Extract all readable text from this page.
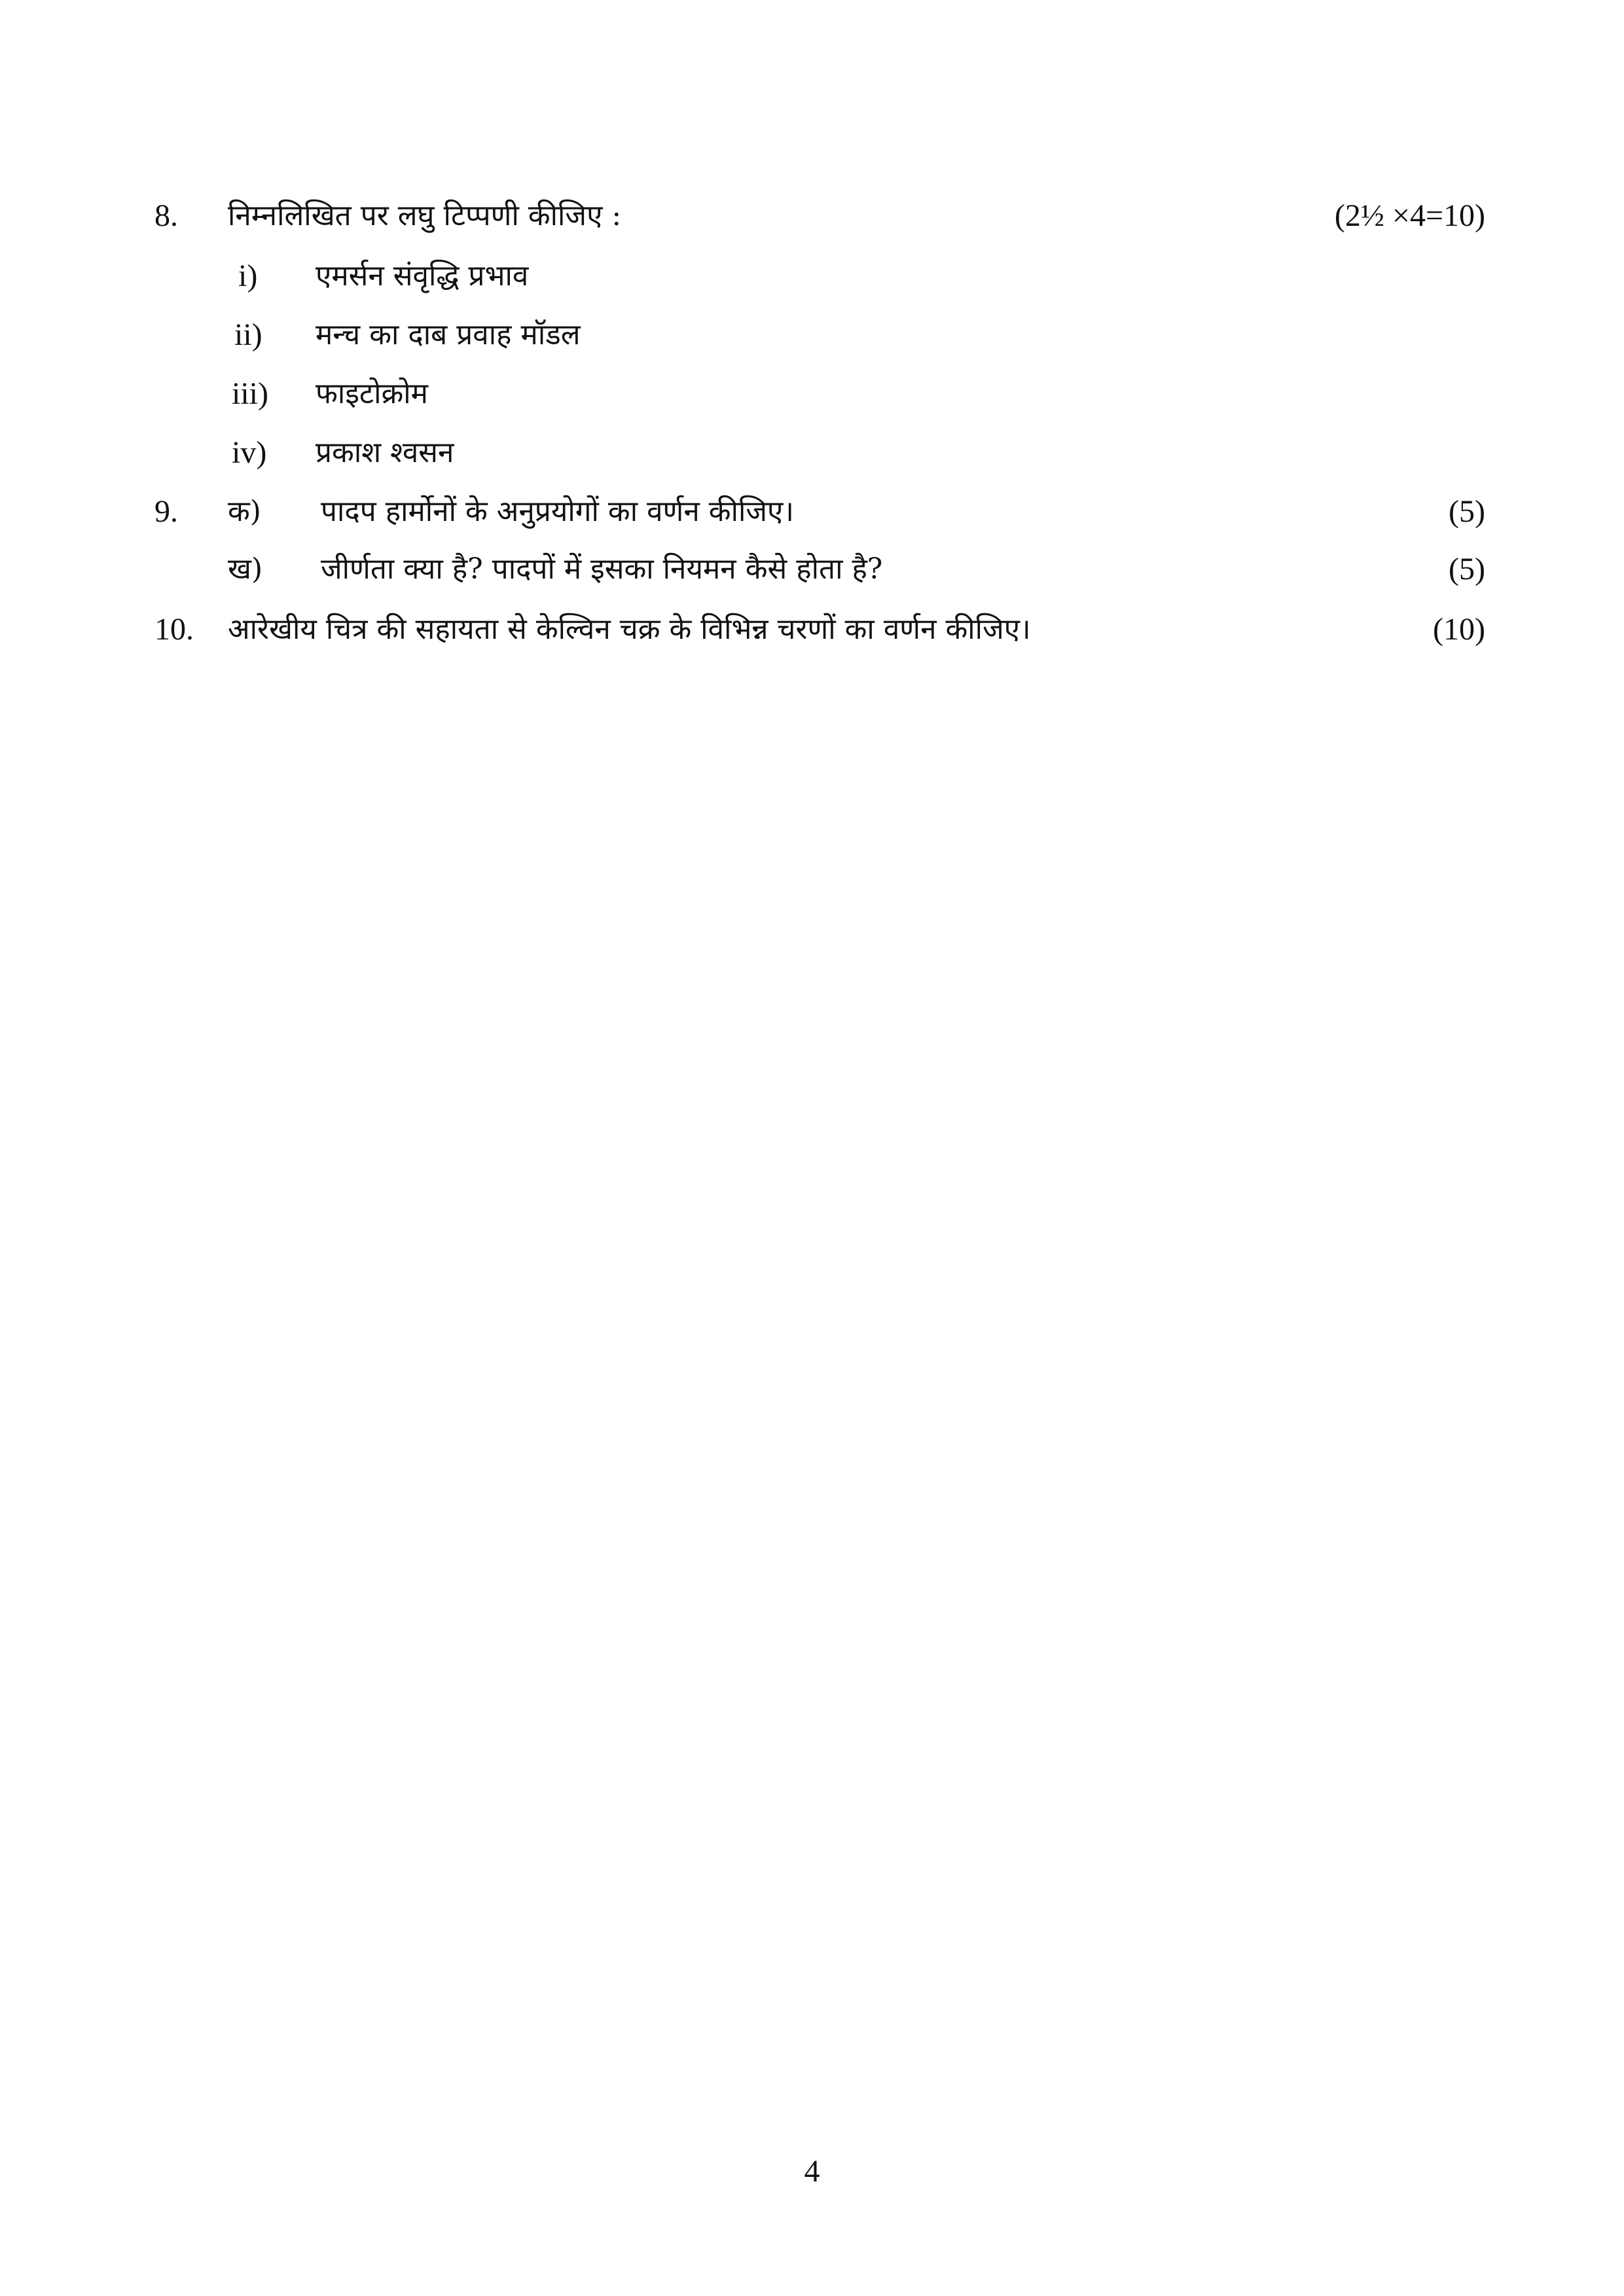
8. निम्नलिखित पर लघु टिप्पणी कीजिए :	(2½ ×4=10)
i) एमर्सन संवृद्धि प्रभाव
ii) मन्च का दाब प्रवाह मॉडल
iii) फाइटोक्रोम
iv) प्रकाश श्वसन
9. क) पादप हार्मोनों के अनुप्रयोगों का वर्णन कीजिए।	(5)
ख) जीर्णता क्या है? पादपों में इसका नियमन कैसे होता है?	(5)
10. आरेखीय चित्र की सहायता से केल्विन चक्र के विभिन्न चरणों का वर्णन कीजिए।	(10)
4
